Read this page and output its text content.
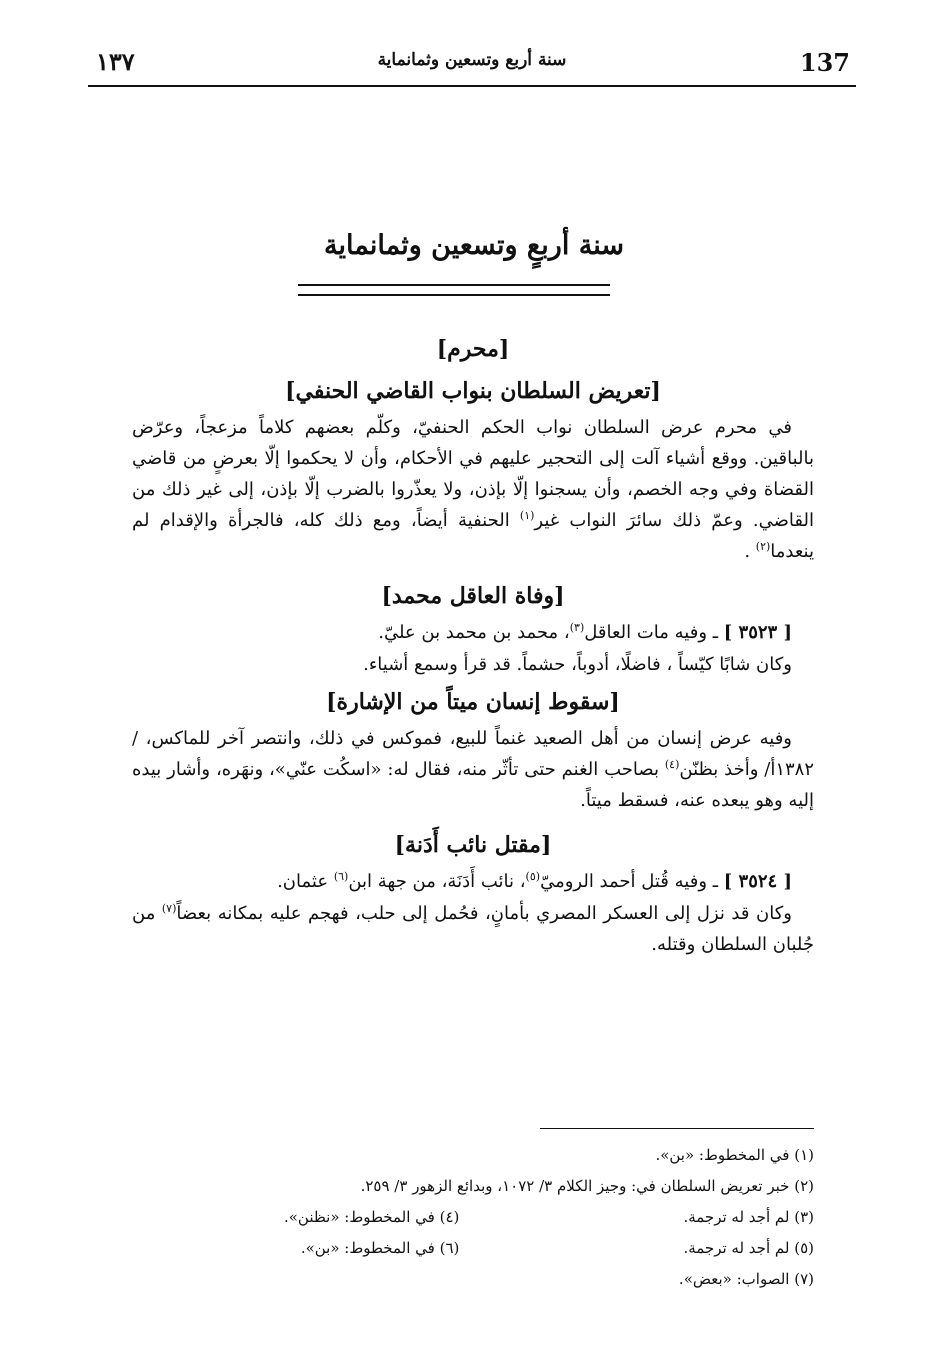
١٣٧	سنة أربع وتسعين وثمانماية	137
سنة أربعٍ وتسعين وثمانماية
[محرم]
[تعريض السلطان بنواب القاضي الحنفي]

في محرم عرض السلطان نواب الحكم الحنفيّ، وكلّم بعضهم كلاماً مزعجاً، وعرّض بالباقين. ووقع أشياء آلت إلى التحجير عليهم في الأحكام، وأن لا يحكموا إلّا بعرضٍ من قاضي القضاة وفي وجه الخصم، وأن يسجنوا إلّا بإذن، ولا يعذّروا بالضرب إلّا بإذن، إلى غير ذلك من القاضي. وعمّ ذلك سائرَ النواب غير$^{(١)}$ الحنفية أيضاً، ومع ذلك كله، فالجرأة والإقدام لم ينعدما$^{(٢)}$ .

[وفاة العاقل محمد]
[ ٣٥٢٣ ] ـ وفيه مات العاقل$^{(٣)}$، محمد بن محمد بن عليّ.
وكان شابًا كيّساً ، فاضلًا، أدوباً، حشماً. قد قرأ وسمع أشياء.
[سقوط إنسان ميتاً من الإشارة]

وفيه عرض إنسان من أهل الصعيد غنماً للبيع، فموكس في ذلك، وانتصر آخر للماكس، / ١٣٨٢أ/ وأخذ بظنّن$^{(٤)}$ بصاحب الغنم حتى تأثّر منه، فقال له: «اسكُت عنّي»، ونهَره، وأشار بيده إليه وهو يبعده عنه، فسقط ميتاً.

[مقتل نائب أَدَنة]
[ ٣٥٢٤ ] ـ وفيه قُتل أحمد الروميّ$^{(٥)}$، نائب أَدَنَة، من جهة ابن$^{(٦)}$ عثمان.

وكان قد نزل إلى العسكر المصري بأمانٍ، فحُمل إلى حلب، فهجم عليه بمكانه بعضاً$^{(٧)}$ من جُلبان السلطان وقتله.

(١) في المخطوط: «بن».
(٢) خبر تعريض السلطان في: وجيز الكلام ٣/ ١٠٧٢، وبدائع الزهور ٣/ ٢٥٩.
(٣) لم أجد له ترجمة.
(٤) في المخطوط: «نظنن».
(٥) لم أجد له ترجمة.
(٦) في المخطوط: «بن».
(٧) الصواب: «بعض».
